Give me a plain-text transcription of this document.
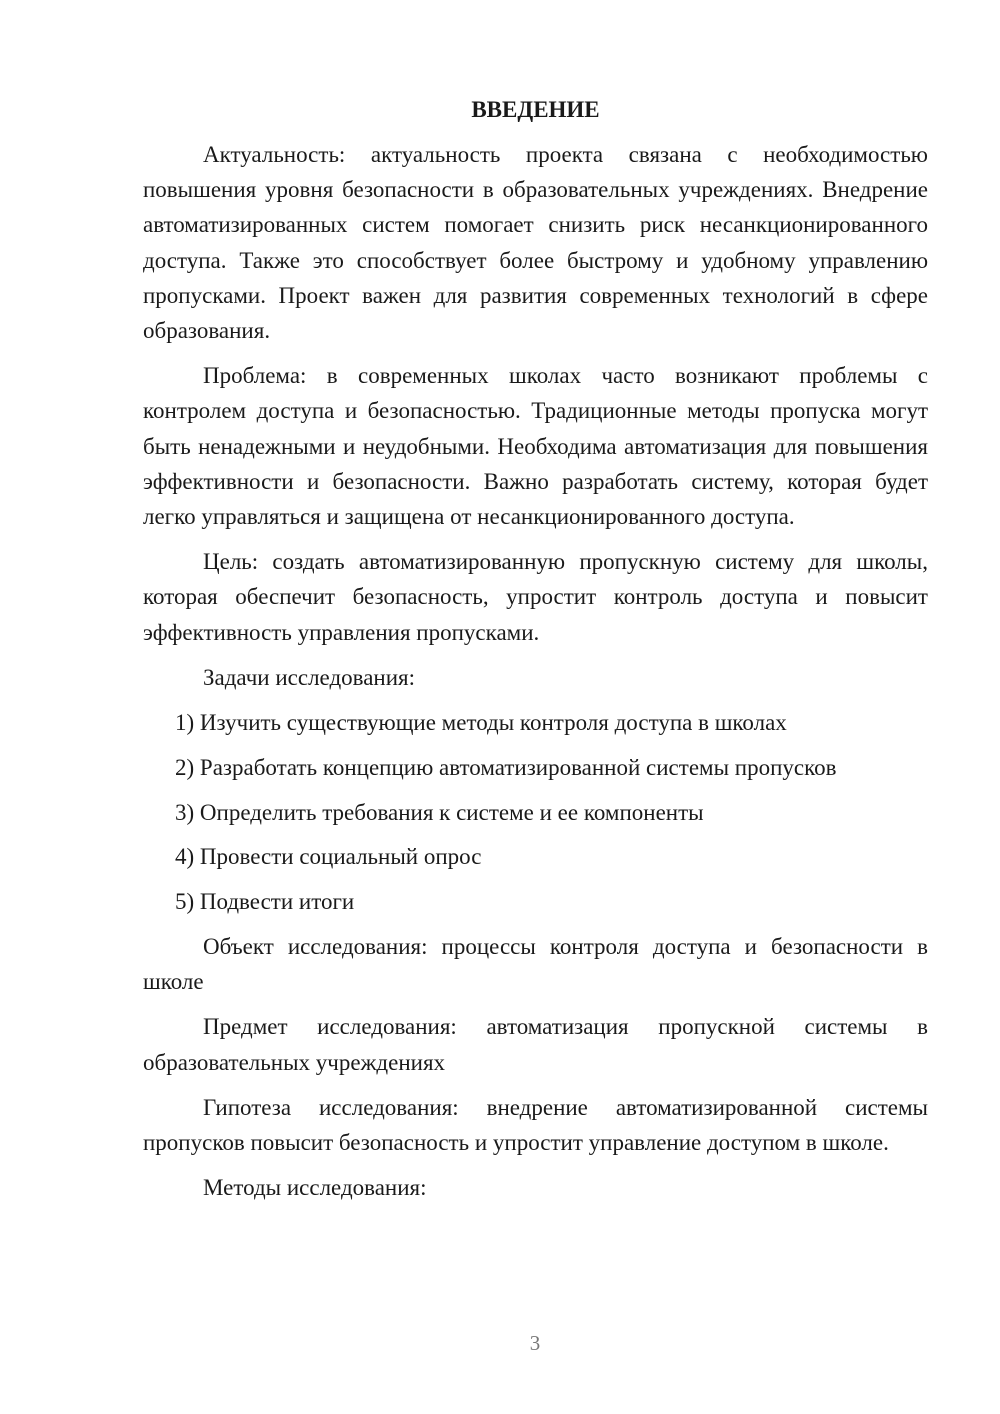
ВВЕДЕНИЕ

Актуальность: актуальность проекта связана с необходимостью повышения уровня безопасности в образовательных учреждениях. Внедрение автоматизированных систем помогает снизить риск несанкционированного доступа. Также это способствует более быстрому и удобному управлению пропусками. Проект важен для развития современных технологий в сфере образования.

Проблема: в современных школах часто возникают проблемы с контролем доступа и безопасностью. Традиционные методы пропуска могут быть ненадежными и неудобными. Необходима автоматизация для повышения эффективности и безопасности. Важно разработать систему, которая будет легко управляться и защищена от несанкционированного доступа.

Цель: создать автоматизированную пропускную систему для школы, которая обеспечит безопасность, упростит контроль доступа и повысит эффективность управления пропусками.

Задачи исследования:

1) Изучить существующие методы контроля доступа в школах
2) Разработать концепцию автоматизированной системы пропусков
3) Определить требования к системе и ее компоненты
4) Провести социальный опрос
5) Подвести итоги

Объект исследования: процессы контроля доступа и безопасности в школе

Предмет исследования: автоматизация пропускной системы в образовательных учреждениях

Гипотеза исследования: внедрение автоматизированной системы пропусков повысит безопасность и упростит управление доступом в школе.

Методы исследования:

3
